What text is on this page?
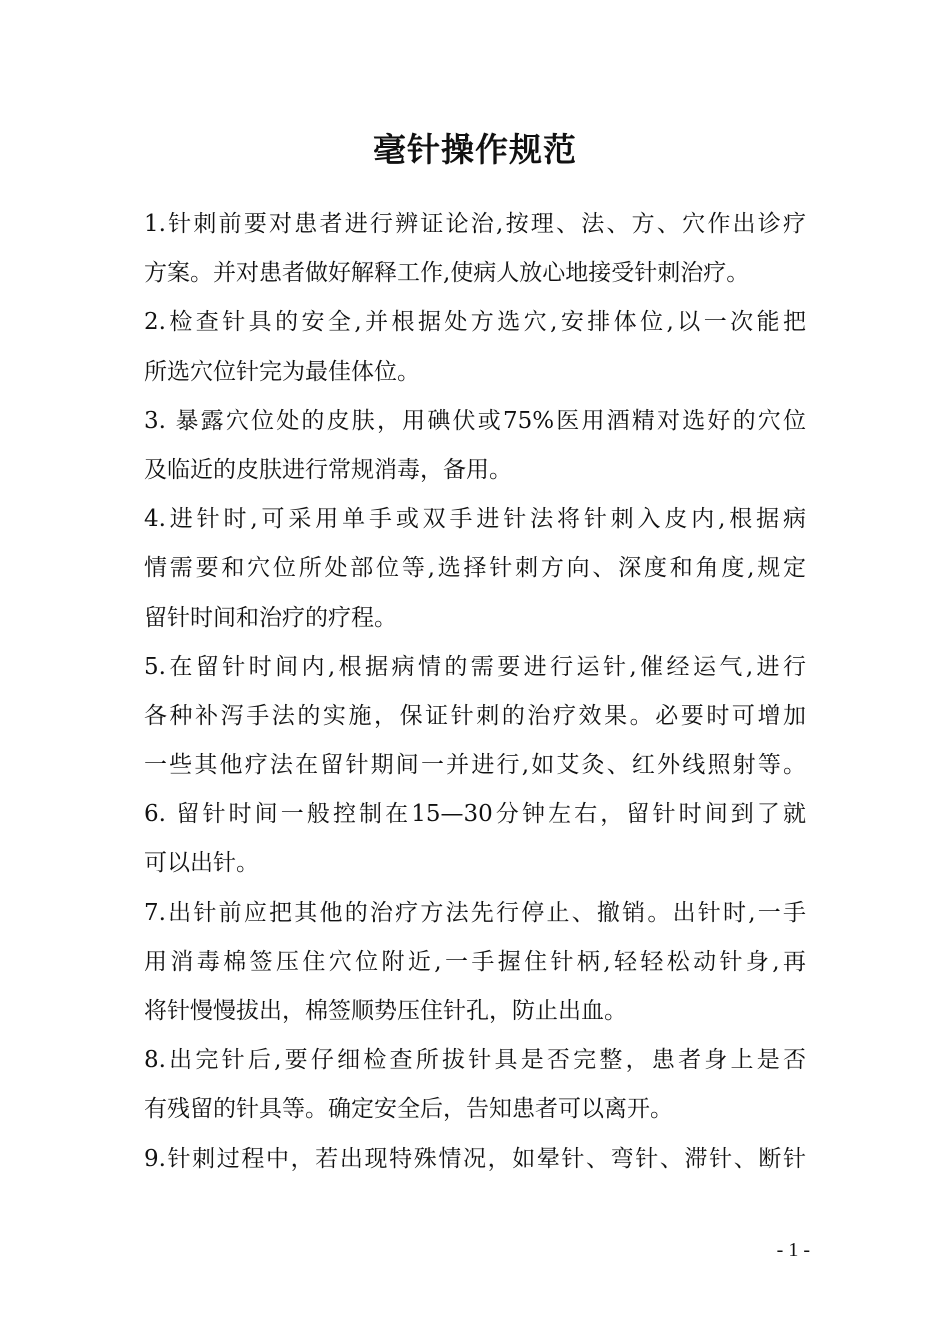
毫针操作规范
1.针刺前要对患者进行辨证论治,按理、法、方、穴作出诊疗
方案。并对患者做好解释工作,使病人放心地接受针刺治疗。
2.检查针具的安全,并根据处方选穴,安排体位,以一次能把
所选穴位针完为最佳体位。
3. 暴露穴位处的皮肤，用碘伏或75%医用酒精对选好的穴位
及临近的皮肤进行常规消毒，备用。
4.进针时,可采用单手或双手进针法将针刺入皮内,根据病
情需要和穴位所处部位等,选择针刺方向、深度和角度,规定
留针时间和治疗的疗程。
5.在留针时间内,根据病情的需要进行运针,催经运气,进行
各种补泻手法的实施，保证针刺的治疗效果。必要时可增加
一些其他疗法在留针期间一并进行,如艾灸、红外线照射等。
6. 留针时间一般控制在15—30分钟左右，留针时间到了就
可以出针。
7.出针前应把其他的治疗方法先行停止、撤销。出针时,一手
用消毒棉签压住穴位附近,一手握住针柄,轻轻松动针身,再
将针慢慢拔出，棉签顺势压住针孔，防止出血。
8.出完针后,要仔细检查所拔针具是否完整，患者身上是否
有残留的针具等。确定安全后，告知患者可以离开。
9.针刺过程中，若出现特殊情况，如晕针、弯针、滞针、断针
- 1 -
